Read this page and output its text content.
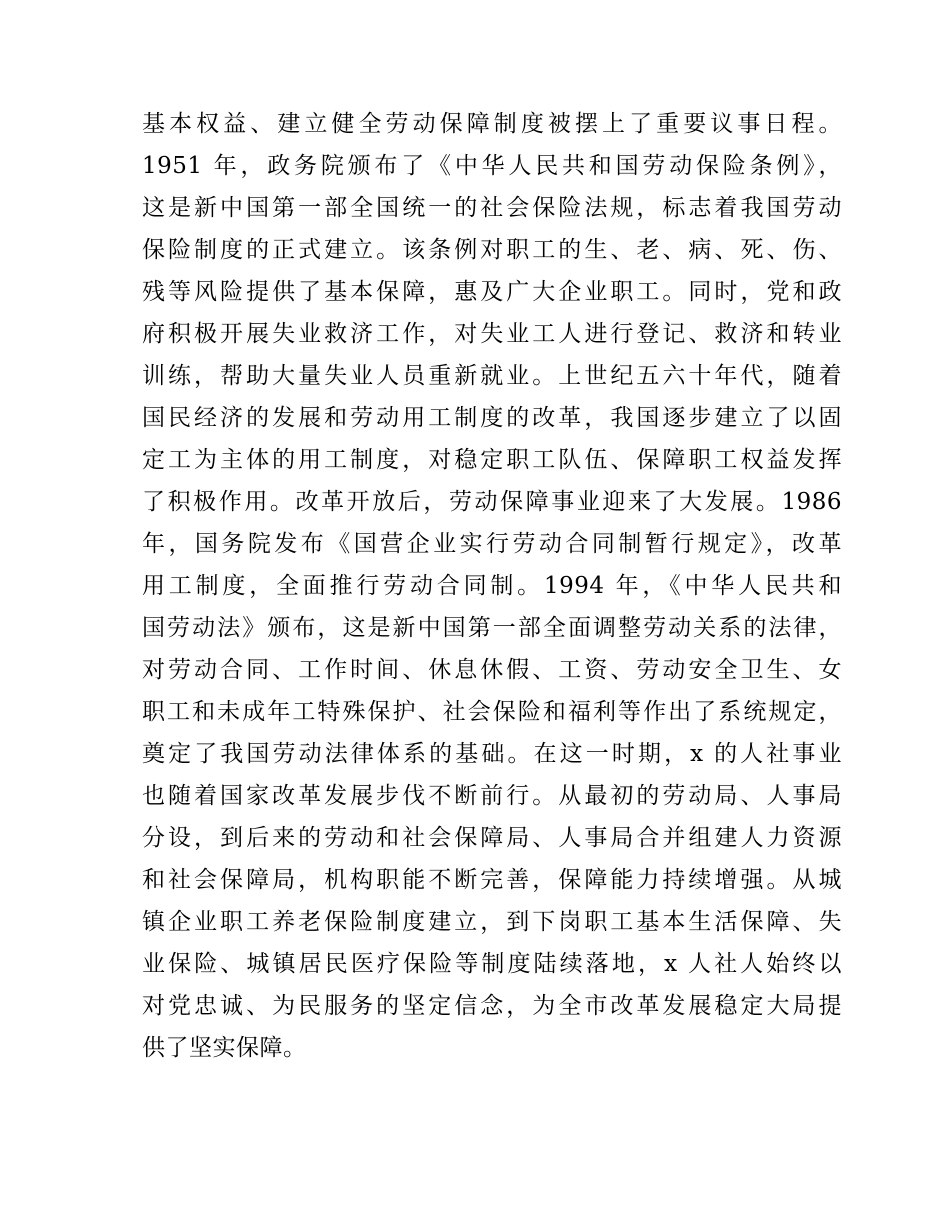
基本权益、建立健全劳动保障制度被摆上了重要议事日程。
1951 年，政务院颁布了《中华人民共和国劳动保险条例》，
这是新中国第一部全国统一的社会保险法规，标志着我国劳动
保险制度的正式建立。该条例对职工的生、老、病、死、伤、
残等风险提供了基本保障，惠及广大企业职工。同时，党和政
府积极开展失业救济工作，对失业工人进行登记、救济和转业
训练，帮助大量失业人员重新就业。上世纪五六十年代，随着
国民经济的发展和劳动用工制度的改革，我国逐步建立了以固
定工为主体的用工制度，对稳定职工队伍、保障职工权益发挥
了积极作用。改革开放后，劳动保障事业迎来了大发展。1986
年，国务院发布《国营企业实行劳动合同制暂行规定》，改革
用工制度，全面推行劳动合同制。1994 年，《中华人民共和
国劳动法》颁布，这是新中国第一部全面调整劳动关系的法律，
对劳动合同、工作时间、休息休假、工资、劳动安全卫生、女
职工和未成年工特殊保护、社会保险和福利等作出了系统规定，
奠定了我国劳动法律体系的基础。在这一时期，x 的人社事业
也随着国家改革发展步伐不断前行。从最初的劳动局、人事局
分设，到后来的劳动和社会保障局、人事局合并组建人力资源
和社会保障局，机构职能不断完善，保障能力持续增强。从城
镇企业职工养老保险制度建立，到下岗职工基本生活保障、失
业保险、城镇居民医疗保险等制度陆续落地，x 人社人始终以
对党忠诚、为民服务的坚定信念，为全市改革发展稳定大局提
供了坚实保障。
